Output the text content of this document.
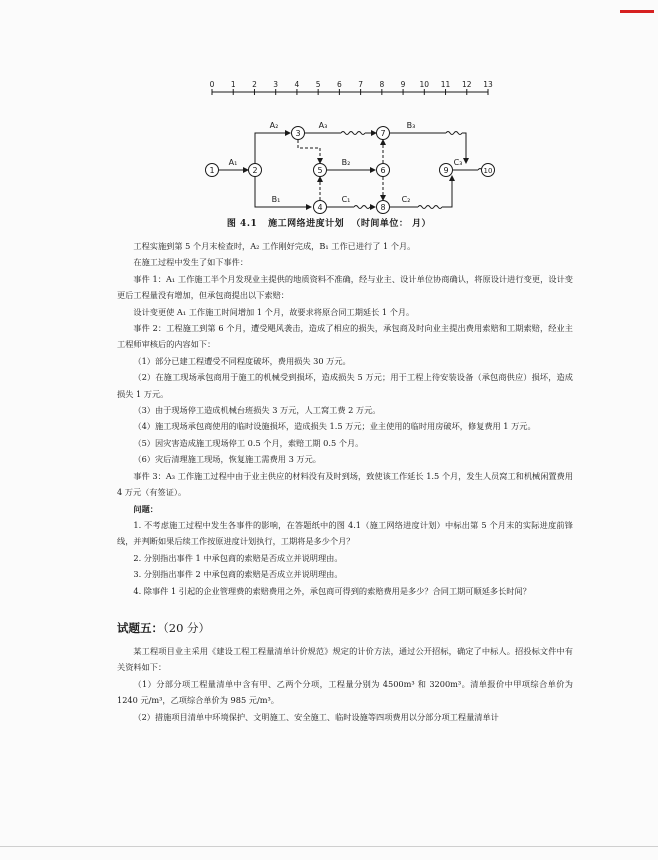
0 1 2 3 4 5 6 7 8 9 10 11 12 13
1	2
3
4
5	6
7
8
9	10
A₁
A₂	A₃	B₃
B₂	C₃
B₁	C₁	C₂
图 4.1 施工网络进度计划 （时间单位： 月）

工程实施到第 5 个月末检查时，A₂ 工作刚好完成，B₁ 工作已进行了 1 个月。

在施工过程中发生了如下事件：

事件 1：A₁ 工作施工半个月发现业主提供的地质资料不准确，经与业主、设计单位协商确认，将原设计进行变更，设计变更后工程量没有增加，但承包商提出以下索赔：

设计变更使 A₁ 工作施工时间增加 1 个月，故要求将原合同工期延长 1 个月。

事件 2：工程施工到第 6 个月，遭受飓风袭击，造成了相应的损失，承包商及时向业主提出费用索赔和工期索赔，经业主工程师审核后的内容如下：

（1）部分已建工程遭受不同程度破坏，费用损失 30 万元。

（2）在施工现场承包商用于施工的机械受到损坏，造成损失 5 万元；用于工程上待安装设备（承包商供应）损坏，造成损失 1 万元。

（3）由于现场停工造成机械台班损失 3 万元，人工窝工费 2 万元。

（4）施工现场承包商使用的临时设施损坏，造成损失 1.5 万元；业主使用的临时用房破坏，修复费用 1 万元。

（5）因灾害造成施工现场停工 0.5 个月，索赔工期 0.5 个月。

（6）灾后清理施工现场，恢复施工需费用 3 万元。

事件 3：A₃ 工作施工过程中由于业主供应的材料没有及时到场，致使该工作延长 1.5 个月，发生人员窝工和机械闲置费用 4 万元（有签证）。

问题：

1. 不考虑施工过程中发生各事件的影响，在答题纸中的图 4.1（施工网络进度计划）中标出第 5 个月末的实际进度前锋线，并判断如果后续工作按原进度计划执行，工期将是多少个月？

2. 分别指出事件 1 中承包商的索赔是否成立并说明理由。

3. 分别指出事件 2 中承包商的索赔是否成立并说明理由。

4. 除事件 1 引起的企业管理费的索赔费用之外，承包商可得到的索赔费用是多少？合同工期可顺延多长时间？

试题五：（20 分）

某工程项目业主采用《建设工程工程量清单计价规范》规定的计价方法，通过公开招标，确定了中标人。招投标文件中有关资料如下：

（1）分部分项工程量清单中含有甲、乙两个分项，工程量分别为 4500m³ 和 3200m³。清单报价中甲项综合单价为 1240 元/m³，乙项综合单价为 985 元/m³。

（2）措施项目清单中环境保护、文明施工、安全施工、临时设施等四项费用以分部分项工程量清单计
